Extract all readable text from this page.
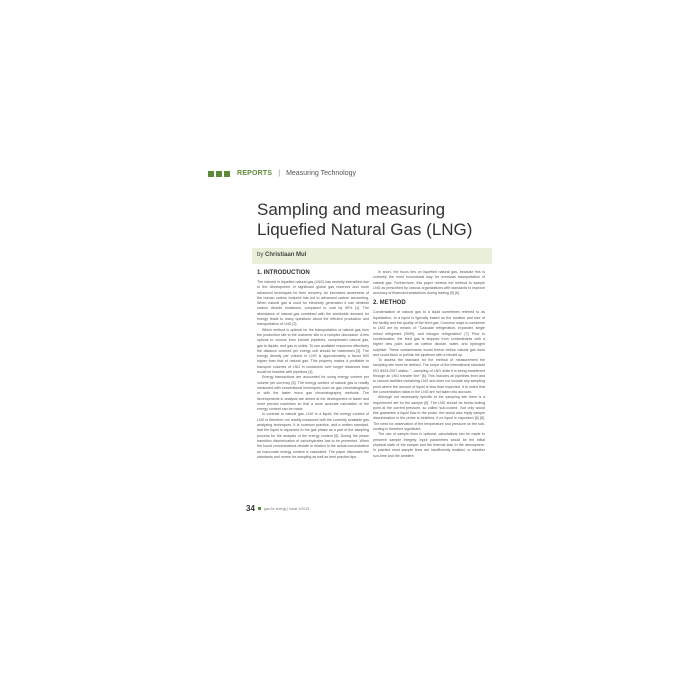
REPORTS | Measuring Technology
Sampling and measuring
Liquefied Natural Gas (LNG)
by Christiaan Mul
1. INTRODUCTION

The interest in liquefied natural gas (LNG) has recently intensified due to the development of significant global gas reserves and more advanced techniques for their recovery. An increased awareness of the human carbon footprint has led to advanced carbon accounting. When natural gas is used for electricity generation it can diminish carbon dioxide emissions, compared to coal by 50% [1]. The abundance of natural gas combined with the worldwide demand for energy leads to many questions about the efficient production and transportation of LNG [2].

Which method is optimal for the transportation of natural gas from the production site to the customer site is a complex discussion. A few options to choose from include pipelines, compressed natural gas, gas to liquids, and gas to solids. To use available resources effectively the distance covered per energy unit should be maximised [3]. The energy density per volume in LNG is approximately a factor 600 higher than that of natural gas. This property makes it profitable to transport volumes of LNG in containers over longer distances than would be feasible with pipelines [4].

Energy transactions are accounted for using energy content per volume per currency [5]. The energy content of natural gas is readily measured with conventional techniques such as gas chromatography or with the faster micro gas chromatography methods. The developments in analysis are aimed at the development of faster and more precise machines so that a more accurate calculation of the energy content can be made.

In contrast to natural gas, LNG is a liquid; the energy content of LNG is therefore not readily measured with the currently available gas analysing techniques. It is common practice, and a written standard, that the liquid is vaporized to the gas phase as a part of the sampling process for the analysis of the energy content [6]. During the phase transition discrimination of carbohydrates has to be prevented. When the found concentrations deviate in relation to the actual concentration an inaccurate energy content is calculated. The paper discusses the standards and norms for sampling as well as best practice tips.

In short, the focus lies on liquefied natural gas, because this is currently the most economical way for overseas transportation of natural gas. Furthermore, this paper reviews the method to sample LNG as prescribed by various organizations with standards to improve accuracy of financial transactions during trading [5] [6].

2. METHOD

Condensation of natural gas to a liquid sometimes referred to as liquefaction, to a liquid is typically based on the location and size of the facility and the quality of the feed gas. Common ways to condense to LNG are by means of: "Cascade refrigeration, expander, single mixed refrigerant (SMR), and nitrogen refrigeration" [7]. Prior to condensation, the feed gas is stripped from contaminants with a higher dew point such as carbon dioxide, water, and hydrogen sulphide. These contaminants would freeze before natural gas does and could block or pollute the pipelines with a rebuild up.

To assess the standard for the method of measurement the sampling site must be defined. The scope of the international standard ISO 8943:2007 states: "...sampling of LNG while it is being transferred through an LNG transfer line" [6]. This includes all pipelines from and to various facilities containing LNG and does not include any sampling point where the amount of liquid is less than expected. It is noted that the concentration ratios in the LNG are not taken into account.

Although not necessarily specific to the sampling site there is a requirement set for the sample [6]. The LNG should be below boiling point at the current pressure, so called 'sub-cooled'. Not only would this guarantee a liquid flow to the probe, the would also imply sample discrimination in the probe is inhibited, if no liquid is vaporized [6] [8]. The need for observation of the temperature and pressure on the sub-cooling is therefore significant.

The use of sample lines is optional; calculations can be made to preserve sample integrity. Input parameters would be the initial physical state of the sample and the thermal leak to the atmosphere. In practice most sample lines are insufficiently isolated, or weather sun-time and the ambient

34	gas for energy | Issue 1/2015
